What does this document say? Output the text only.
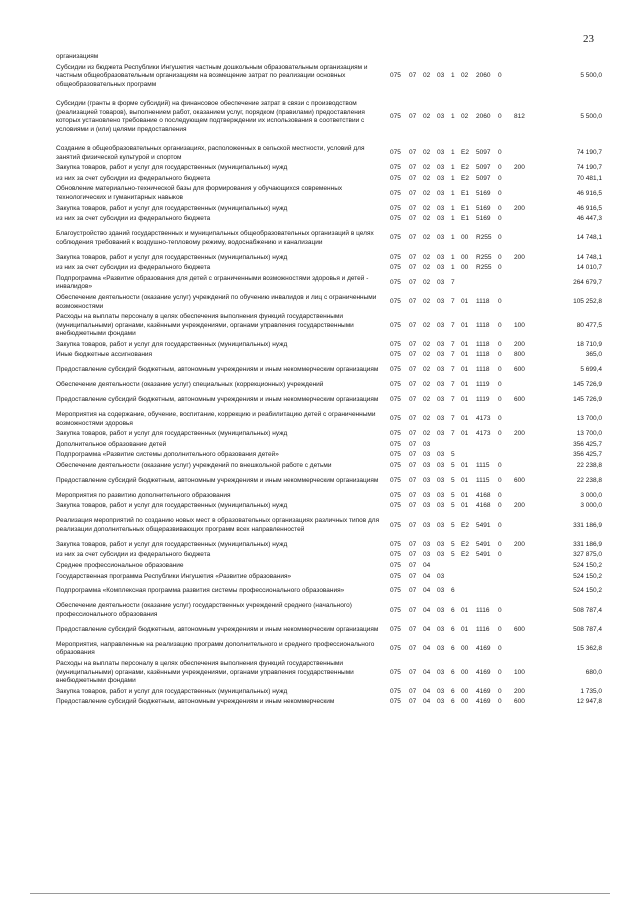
23
организациям
Субсидии из бюджета Республики Ингушетия частным дошкольным образовательным организациям и частным общеобразовательным организациям на возмещение затрат по реализации основных общеобразовательных программ
075	07	02	03	1 02	2060	0	5 500,0
Субсидии (гранты в форме субсидий) на финансовое обеспечение затрат в связи с производством (реализацией товаров), выполнением работ, оказанием услуг, порядком (правилами) предоставления которых установлено требование о последующем подтверждении их использования в соответствии с условиями и (или) целями предоставления
075	07	02	03	1 02	2060	0	812	5 500,0
Создание в общеобразовательных организациях, расположенных в сельской местности, условий для занятий физической культурой и спортом
075	07	02	03	1 E2	5097	0	74 190,7
Закупка товаров, работ и услуг для государственных (муниципальных) нужд	075	07	02	03	1 E2	5097	0	200	74 190,7
из них за счет субсидии из федерального бюджета	075	07	02	03	1 E2	5097	0	70 481,1
Обновление материально-технической базы для формирования у обучающихся современных технологических и гуманитарных навыков
075	07	02	03	1 E1	5169	0	46 916,5
Закупка товаров, работ и услуг для государственных (муниципальных) нужд	075	07	02	03	1 E1	5169	0	200	46 916,5
из них за счет субсидии из федерального бюджета	075	07	02	03	1 E1	5169	0	46 447,3
Благоустройство зданий государственных и муниципальных общеобразовательных организаций в целях соблюдения требований к воздушно-тепловому режиму, водоснабжению и канализации
075	07	02	03	1 00	R255 0	14 748,1
Закупка товаров, работ и услуг для государственных (муниципальных) нужд	075	07	02	03	1 00	R255 0	200	14 748,1
из них за счет субсидии из федерального бюджета	075	07	02	03	1 00	R255 0	14 010,7
Подпрограмма «Развитие образования для детей с ограниченными возможностями здоровья и детей - инвалидов»
075	07	02	03	7	264 679,7
Обеспечение деятельности (оказание услуг) учреждений по обучению инвалидов и лиц с ограниченными возможностями
075	07	02	03	7 01	1118	0	105 252,8
Расходы на выплаты персоналу в целях обеспечения выполнения функций государственными (муниципальными) органами, казёнными учреждениями, органами управления государственными внебюджетными фондами
075	07	02	03	7 01	1118	0	100	80 477,5
Закупка товаров, работ и услуг для государственных (муниципальных) нужд	075	07	02	03	7 01	1118	0	200	18 710,9
Иные бюджетные ассигнования	075	07	02	03	7 01	1118	0	800	365,0
Предоставление субсидий бюджетным, автономным учреждениям и иным некоммерческим организациям	075	07	02	03	7 01	1118	0	600	5 699,4
Обеспечение деятельности (оказание услуг) специальных (коррекционных) учреждений	075	07	02	03	7 01	1119	0	145 726,9
Предоставление субсидий бюджетным, автономным учреждениям и иным некоммерческим организациям	075	07	02	03	7 01	1119	0	600	145 726,9
Мероприятия на содержание, обучение, воспитание, коррекцию и реабилитацию детей с ограниченными возможностями здоровья
075	07	02	03	7 01	4173	0	13 700,0
Закупка товаров, работ и услуг для государственных (муниципальных) нужд	075	07	02	03	7 01	4173	0	200	13 700,0
Дополнительное образование детей	075	07	03	356 425,7
Подпрограмма «Развитие системы дополнительного образования детей»	075	07	03	03	5	356 425,7
Обеспечение деятельности (оказание услуг) учреждений по внешкольной работе с детьми	075	07	03	03	5 01	1115	0	22 238,8
Предоставление субсидий бюджетным, автономным учреждениям и иным некоммерческим организациям	075	07	03	03	5 01	1115	0	600	22 238,8
Мероприятия по развитию дополнительного образования	075	07	03	03	5 01	4168	0	3 000,0
Закупка товаров, работ и услуг для государственных (муниципальных) нужд	075	07	03	03	5 01	4168	0	200	3 000,0
Реализация мероприятий по созданию новых мест в образовательных организациях различных типов для реализации дополнительных общеразвивающих программ всех направленностей
075	07	03	03	5 E2	5491	0	331 186,9
Закупка товаров, работ и услуг для государственных (муниципальных) нужд	075	07	03	03	5 E2	5491	0	200	331 186,9
из них за счет субсидии из федерального бюджета	075	07	03	03	5 E2	5491	0	327 875,0
Среднее профессиональное образование	075	07	04	524 150,2
Государственная программа Республики Ингушетия «Развитие образования»	075	07	04	03	524 150,2
Подпрограмма «Комплексная программа развития системы профессионального образования»	075	07	04	03	6	524 150,2
Обеспечение деятельности (оказание услуг) государственных учреждений среднего (начального) профессионального образования
075	07	04	03	6 01	1116	0	508 787,4
Предоставление субсидий бюджетным, автономным учреждениям и иным некоммерческим организациям	075	07	04	03	6 01	1116	0	600	508 787,4
Мероприятия, направленные на реализацию программ дополнительного и среднего профессионального образования
075	07	04	03	6 00	4169	0	15 362,8
Расходы на выплаты персоналу в целях обеспечения выполнения функций государственными (муниципальными) органами, казёнными учреждениями, органами управления государственными внебюджетными фондами
075	07	04	03	6 00	4169	0	100	680,0
Закупка товаров, работ и услуг для государственных (муниципальных) нужд	075	07	04	03	6 00	4169	0	200	1 735,0
Предоставление субсидий бюджетным, автономным учреждениям и иным некоммерческим	075	07	04	03	6 00	4169	0	600	12 947,8
